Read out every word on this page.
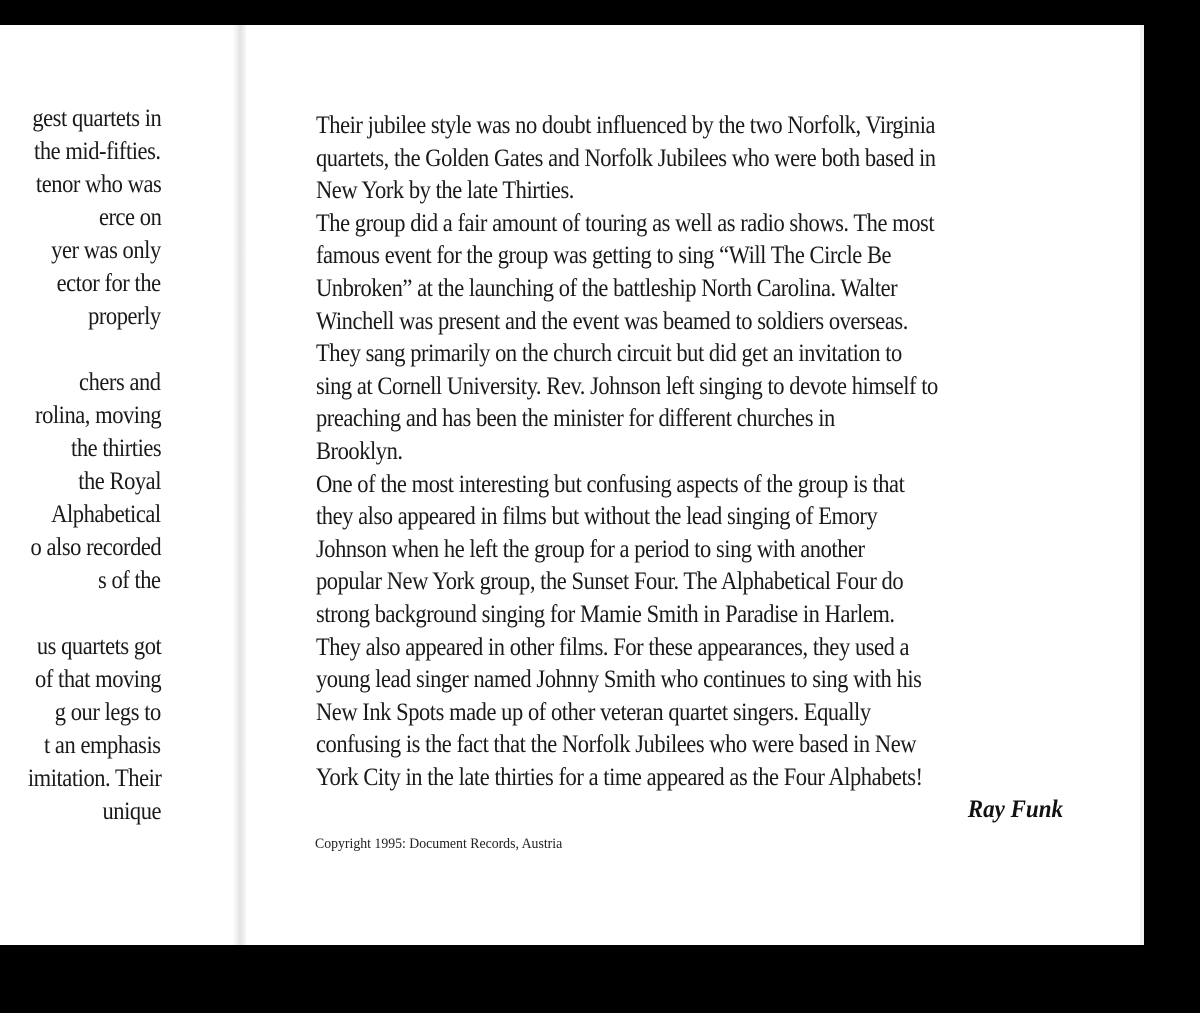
gest quartets in
the mid-fifties.
tenor who was
erce on
yer was only
ector for the
properly
chers and
rolina, moving
the thirties
the Royal
Alphabetical
o also recorded
s of the
us quartets got
of that moving
g our legs to
t an emphasis
imitation. Their
unique
Their jubilee style was no doubt influenced by the two Norfolk, Virginia
quartets, the Golden Gates and Norfolk Jubilees who were both based in
New York by the late Thirties.
The group did a fair amount of touring as well as radio shows. The most
famous event for the group was getting to sing “Will The Circle Be
Unbroken” at the launching of the battleship North Carolina. Walter
Winchell was present and the event was beamed to soldiers overseas.
They sang primarily on the church circuit but did get an invitation to
sing at Cornell University. Rev. Johnson left singing to devote himself to
preaching and has been the minister for different churches in
Brooklyn.
One of the most interesting but confusing aspects of the group is that
they also appeared in films but without the lead singing of Emory
Johnson when he left the group for a period to sing with another
popular New York group, the Sunset Four. The Alphabetical Four do
strong background singing for Mamie Smith in Paradise in Harlem.
They also appeared in other films. For these appearances, they used a
young lead singer named Johnny Smith who continues to sing with his
New Ink Spots made up of other veteran quartet singers. Equally
confusing is the fact that the Norfolk Jubilees who were based in New
York City in the late thirties for a time appeared as the Four Alphabets!
Ray Funk
Copyright 1995: Document Records, Austria
